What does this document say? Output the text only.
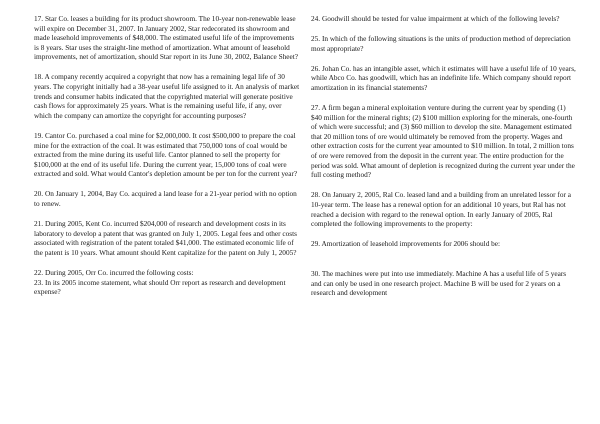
17. Star Co. leases a building for its product showroom. The 10-year non-renewable lease will expire on December 31, 2007. In January 2002, Star redecorated its showroom and made leasehold improvements of $48,000. The estimated useful life of the improvements is 8 years. Star uses the straight-line method of amortization. What amount of leasehold improvements, net of amortization, should Star report in its June 30, 2002, Balance Sheet?

18. A company recently acquired a copyright that now has a remaining legal life of 30 years. The copyright initially had a 38-year useful life assigned to it. An analysis of market trends and consumer habits indicated that the copyrighted material will generate positive cash flows for approximately 25 years. What is the remaining useful life, if any, over which the company can amortize the copyright for accounting purposes?

19. Cantor Co. purchased a coal mine for $2,000,000. It cost $500,000 to prepare the coal mine for the extraction of the coal. It was estimated that 750,000 tons of coal would be extracted from the mine during its useful life. Cantor planned to sell the property for $100,000 at the end of its useful life. During the current year, 15,000 tons of coal were extracted and sold. What would Cantor's depletion amount be per ton for the current year?

20. On January 1, 2004, Bay Co. acquired a land lease for a 21-year period with no option to renew.

21. During 2005, Kent Co. incurred $204,000 of research and development costs in its laboratory to develop a patent that was granted on July 1, 2005. Legal fees and other costs associated with registration of the patent totaled $41,000. The estimated economic life of the patent is 10 years. What amount should Kent capitalize for the patent on July 1, 2005?

22. During 2005, Orr Co. incurred the following costs:
23. In its 2005 income statement, what should Orr report as research and development expense?

24. Goodwill should be tested for value impairment at which of the following levels?

25. In which of the following situations is the units of production method of depreciation most appropriate?

26. Johan Co. has an intangible asset, which it estimates will have a useful life of 10 years, while Abco Co. has goodwill, which has an indefinite life. Which company should report amortization in its financial statements?

27. A firm began a mineral exploitation venture during the current year by spending (1) $40 million for the mineral rights; (2) $100 million exploring for the minerals, one-fourth of which were successful; and (3) $60 million to develop the site. Management estimated that 20 million tons of ore would ultimately be removed from the property. Wages and other extraction costs for the current year amounted to $10 million. In total, 2 million tons of ore were removed from the deposit in the current year. The entire production for the period was sold. What amount of depletion is recognized during the current year under the full costing method?

28. On January 2, 2005, Ral Co. leased land and a building from an unrelated lessor for a 10-year term. The lease has a renewal option for an additional 10 years, but Ral has not reached a decision with regard to the renewal option. In early January of 2005, Ral completed the following improvements to the property:

29. Amortization of leasehold improvements for 2006 should be:

30. The machines were put into use immediately. Machine A has a useful life of 5 years and can only be used in one research project. Machine B will be used for 2 years on a research and development
